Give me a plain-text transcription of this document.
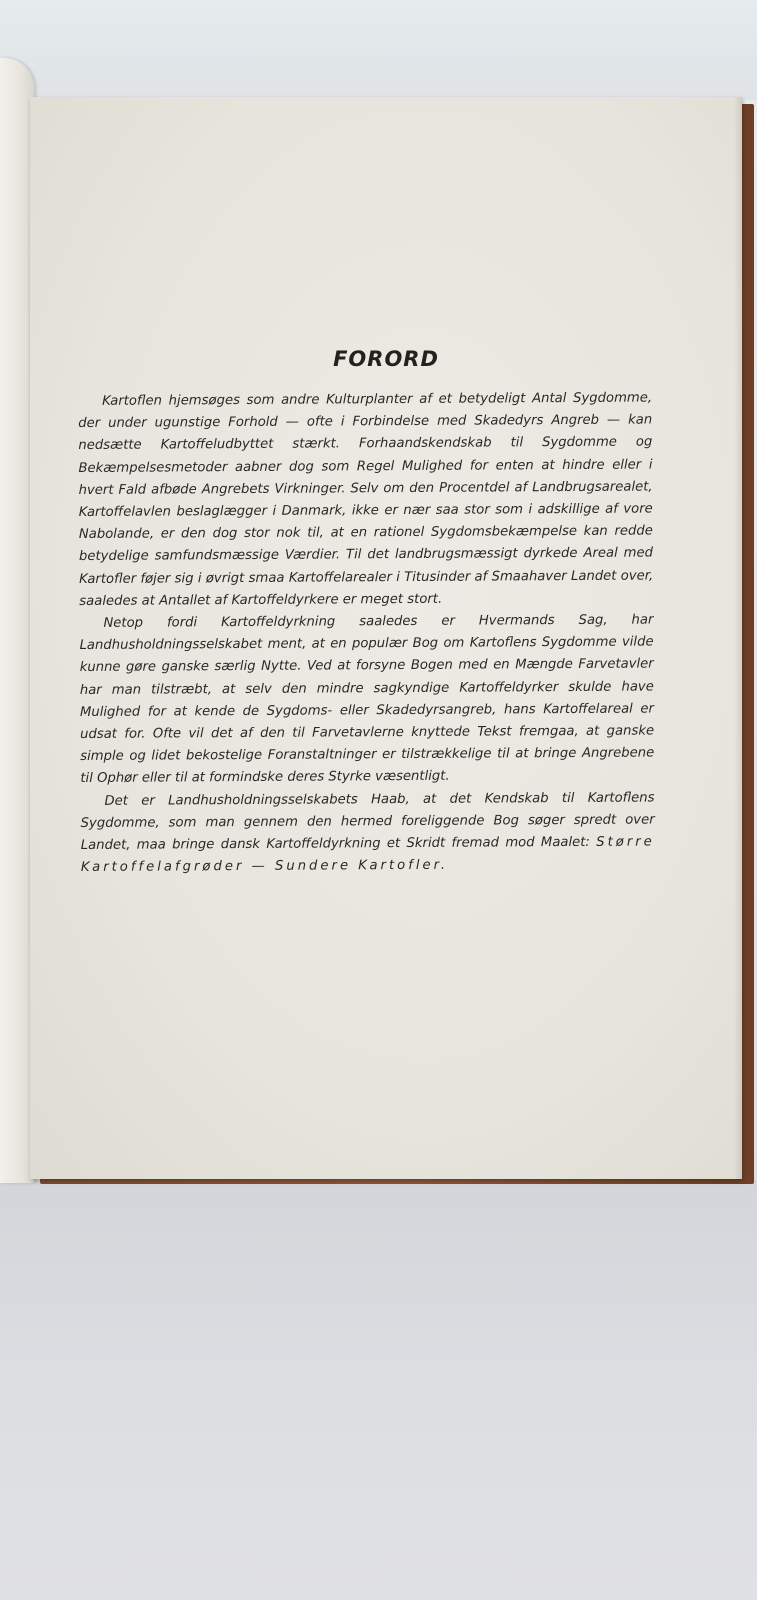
FORORD

Kartoflen hjemsøges som andre Kulturplanter af et betydeligt Antal Sygdomme, der under ugunstige Forhold — ofte i Forbindelse med Skadedyrs Angreb — kan nedsætte Kartoffeludbyttet stærkt. Forhaandskendskab til Sygdomme og Bekæmpelsesmetoder aabner dog som Regel Mulighed for enten at hindre eller i hvert Fald afbøde Angrebets Virkninger. Selv om den Procentdel af Landbrugsarealet, Kartoffelavlen beslaglægger i Danmark, ikke er nær saa stor som i adskillige af vore Nabolande, er den dog stor nok til, at en rationel Sygdomsbekæmpelse kan redde betydelige samfundsmæssige Værdier. Til det landbrugsmæssigt dyrkede Areal med Kartofler føjer sig i øvrigt smaa Kartoffelarealer i Titusinder af Smaahaver Landet over, saaledes at Antallet af Kartoffeldyrkere er meget stort.

Netop fordi Kartoffeldyrkning saaledes er Hvermands Sag, har Landhusholdningsselskabet ment, at en populær Bog om Kartoflens Sygdomme vilde kunne gøre ganske særlig Nytte. Ved at forsyne Bogen med en Mængde Farvetavler har man tilstræbt, at selv den mindre sagkyndige Kartoffeldyrker skulde have Mulighed for at kende de Sygdoms- eller Skadedyrsangreb, hans Kartoffelareal er udsat for. Ofte vil det af den til Farvetavlerne knyttede Tekst fremgaa, at ganske simple og lidet bekostelige Foranstaltninger er tilstrækkelige til at bringe Angrebene til Ophør eller til at formindske deres Styrke væsentligt.

Det er Landhusholdningsselskabets Haab, at det Kendskab til Kartoflens Sygdomme, som man gennem den hermed foreliggende Bog søger spredt over Landet, maa bringe dansk Kartoffeldyrkning et Skridt fremad mod Maalet: Større Kartoffelafgrøder — Sundere Kartofler.
